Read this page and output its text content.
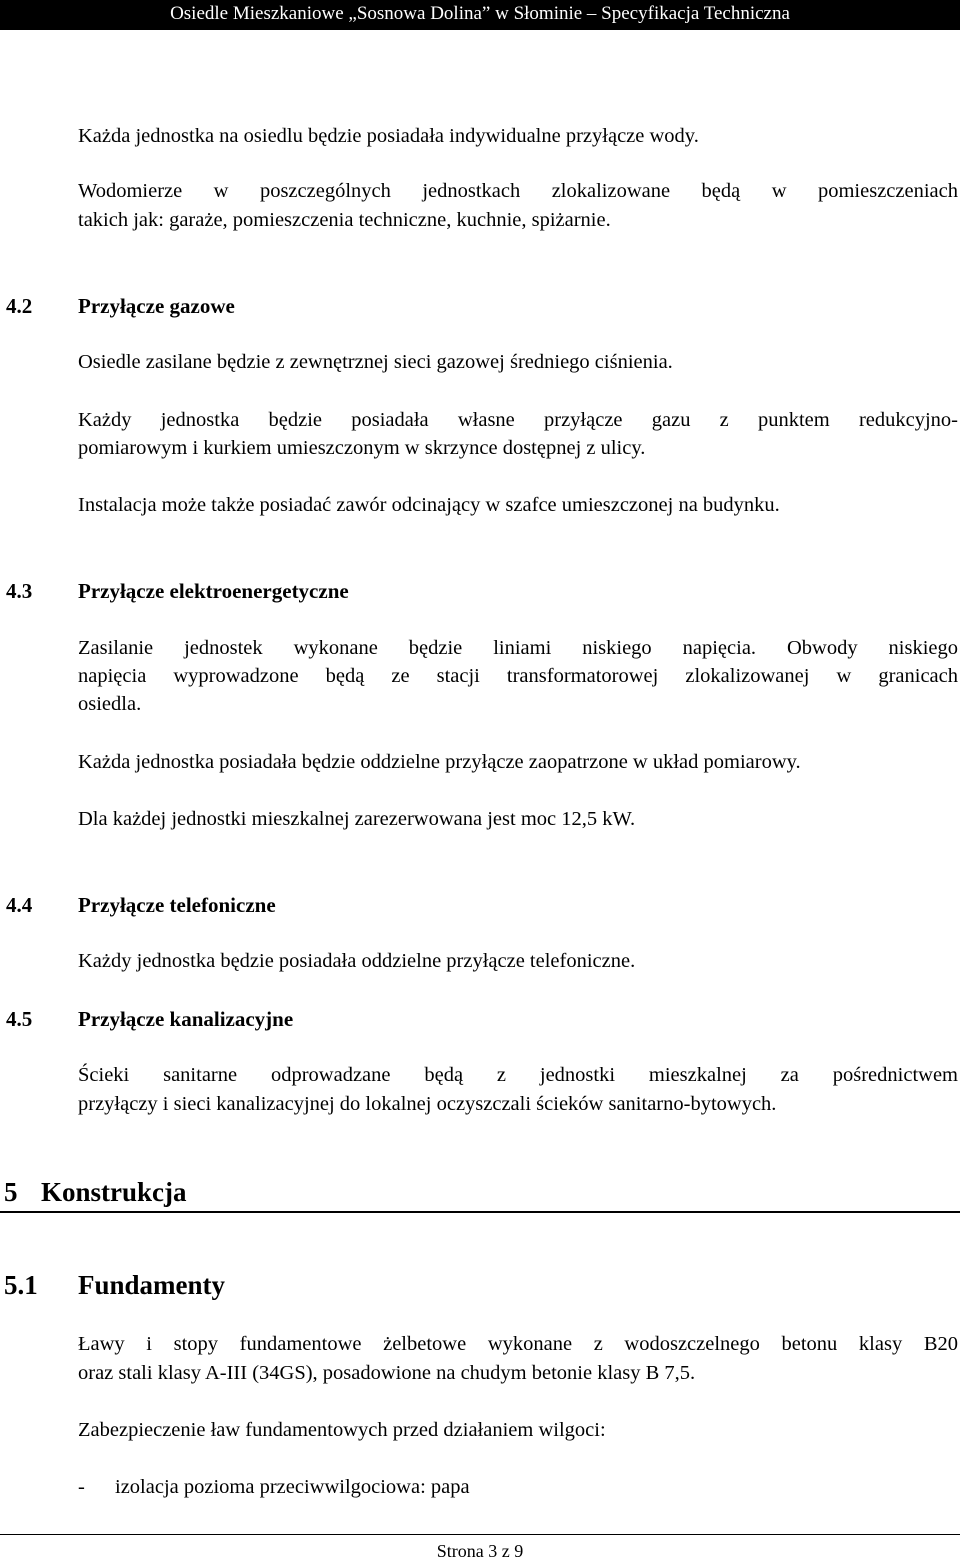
Osiedle Mieszkaniowe „Sosnowa Dolina” w Słominie – Specyfikacja Techniczna
Każda jednostka na osiedlu będzie posiadała indywidualne przyłącze wody.
Wodomierze w poszczególnych jednostkach zlokalizowane będą w pomieszczeniach
takich jak: garaże, pomieszczenia techniczne, kuchnie, spiżarnie.
4.2 Przyłącze gazowe
Osiedle zasilane będzie z zewnętrznej sieci gazowej średniego ciśnienia.
Każdy jednostka będzie posiadała własne przyłącze gazu z punktem redukcyjno-
pomiarowym i kurkiem umieszczonym w skrzynce dostępnej z ulicy.
Instalacja może także posiadać zawór odcinający w szafce umieszczonej na budynku.
4.3 Przyłącze elektroenergetyczne
Zasilanie jednostek wykonane będzie liniami niskiego napięcia. Obwody niskiego
napięcia wyprowadzone będą ze stacji transformatorowej zlokalizowanej w granicach
osiedla.
Każda jednostka posiadała będzie oddzielne przyłącze zaopatrzone w układ pomiarowy.
Dla każdej jednostki mieszkalnej zarezerwowana jest moc 12,5 kW.
4.4 Przyłącze telefoniczne
Każdy jednostka będzie posiadała oddzielne przyłącze telefoniczne.
4.5 Przyłącze kanalizacyjne
Ścieki sanitarne odprowadzane będą z jednostki mieszkalnej za pośrednictwem
przyłączy i sieci kanalizacyjnej do lokalnej oczyszczali ścieków sanitarno-bytowych.
5 Konstrukcja
5.1 Fundamenty
Ławy i stopy fundamentowe żelbetowe wykonane z wodoszczelnego betonu klasy B20
oraz stali klasy A-III (34GS), posadowione na chudym betonie klasy B 7,5.
Zabezpieczenie ław fundamentowych przed działaniem wilgoci:
-	izolacja pozioma przeciwwilgociowa: papa
Strona 3 z 9
